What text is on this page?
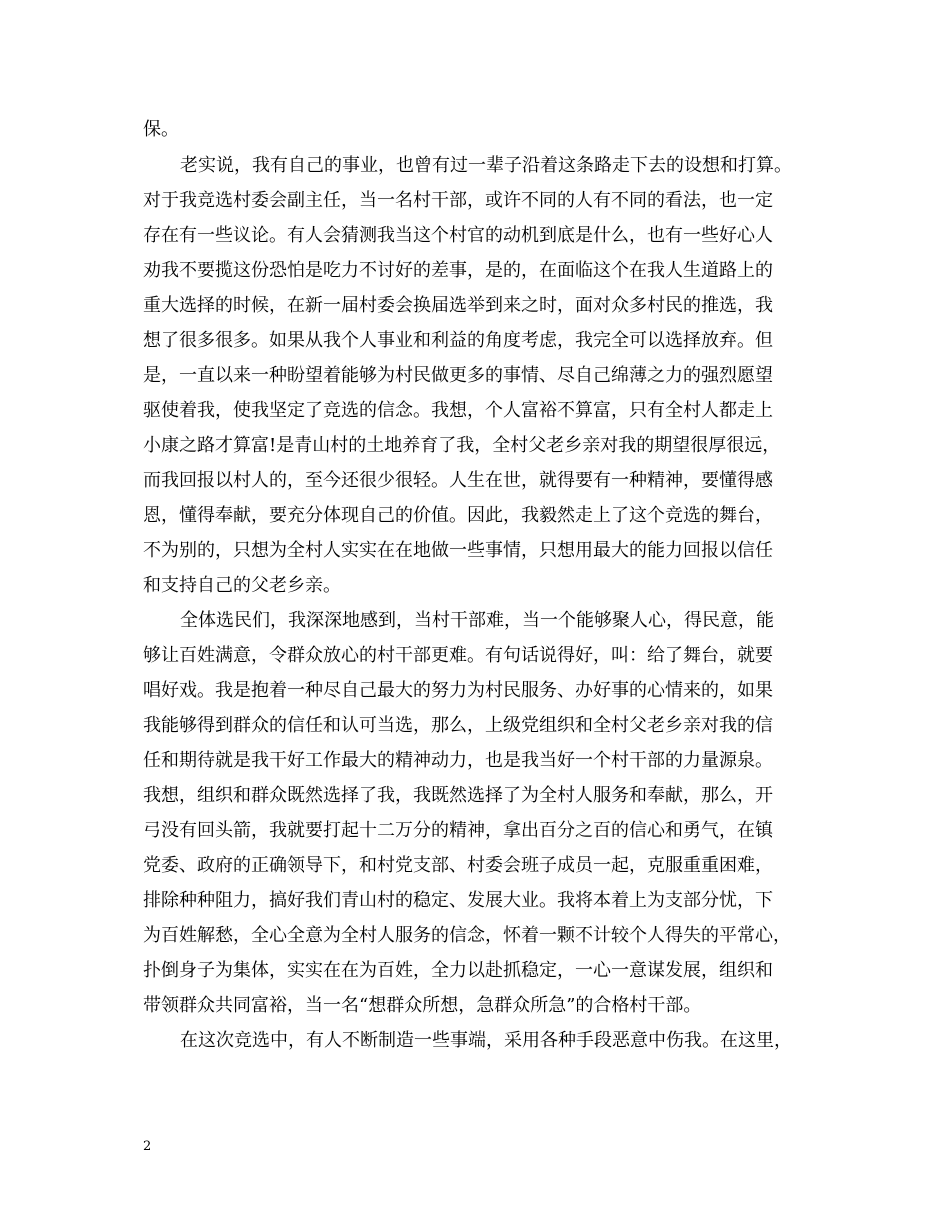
保。
老实说，我有自己的事业，也曾有过一辈子沿着这条路走下去的设想和打算。
对于我竞选村委会副主任，当一名村干部，或许不同的人有不同的看法，也一定
存在有一些议论。有人会猜测我当这个村官的动机到底是什么，也有一些好心人
劝我不要揽这份恐怕是吃力不讨好的差事，是的，在面临这个在我人生道路上的
重大选择的时候，在新一届村委会换届选举到来之时，面对众多村民的推选，我
想了很多很多。如果从我个人事业和利益的角度考虑，我完全可以选择放弃。但
是，一直以来一种盼望着能够为村民做更多的事情、尽自己绵薄之力的强烈愿望
驱使着我，使我坚定了竞选的信念。我想，个人富裕不算富，只有全村人都走上
小康之路才算富!是青山村的土地养育了我，全村父老乡亲对我的期望很厚很远，
而我回报以村人的，至今还很少很轻。人生在世，就得要有一种精神，要懂得感
恩，懂得奉献，要充分体现自己的价值。因此，我毅然走上了这个竞选的舞台，
不为别的，只想为全村人实实在在地做一些事情，只想用最大的能力回报以信任
和支持自己的父老乡亲。
全体选民们，我深深地感到，当村干部难，当一个能够聚人心，得民意，能
够让百姓满意，令群众放心的村干部更难。有句话说得好，叫：给了舞台，就要
唱好戏。我是抱着一种尽自己最大的努力为村民服务、办好事的心情来的，如果
我能够得到群众的信任和认可当选，那么，上级党组织和全村父老乡亲对我的信
任和期待就是我干好工作最大的精神动力，也是我当好一个村干部的力量源泉。
我想，组织和群众既然选择了我，我既然选择了为全村人服务和奉献，那么，开
弓没有回头箭，我就要打起十二万分的精神，拿出百分之百的信心和勇气，在镇
党委、政府的正确领导下，和村党支部、村委会班子成员一起，克服重重困难，
排除种种阻力，搞好我们青山村的稳定、发展大业。我将本着上为支部分忧，下
为百姓解愁，全心全意为全村人服务的信念，怀着一颗不计较个人得失的平常心，
扑倒身子为集体，实实在在为百姓，全力以赴抓稳定，一心一意谋发展，组织和
带领群众共同富裕，当一名“想群众所想，急群众所急”的合格村干部。
在这次竞选中，有人不断制造一些事端，采用各种手段恶意中伤我。在这里，
2
